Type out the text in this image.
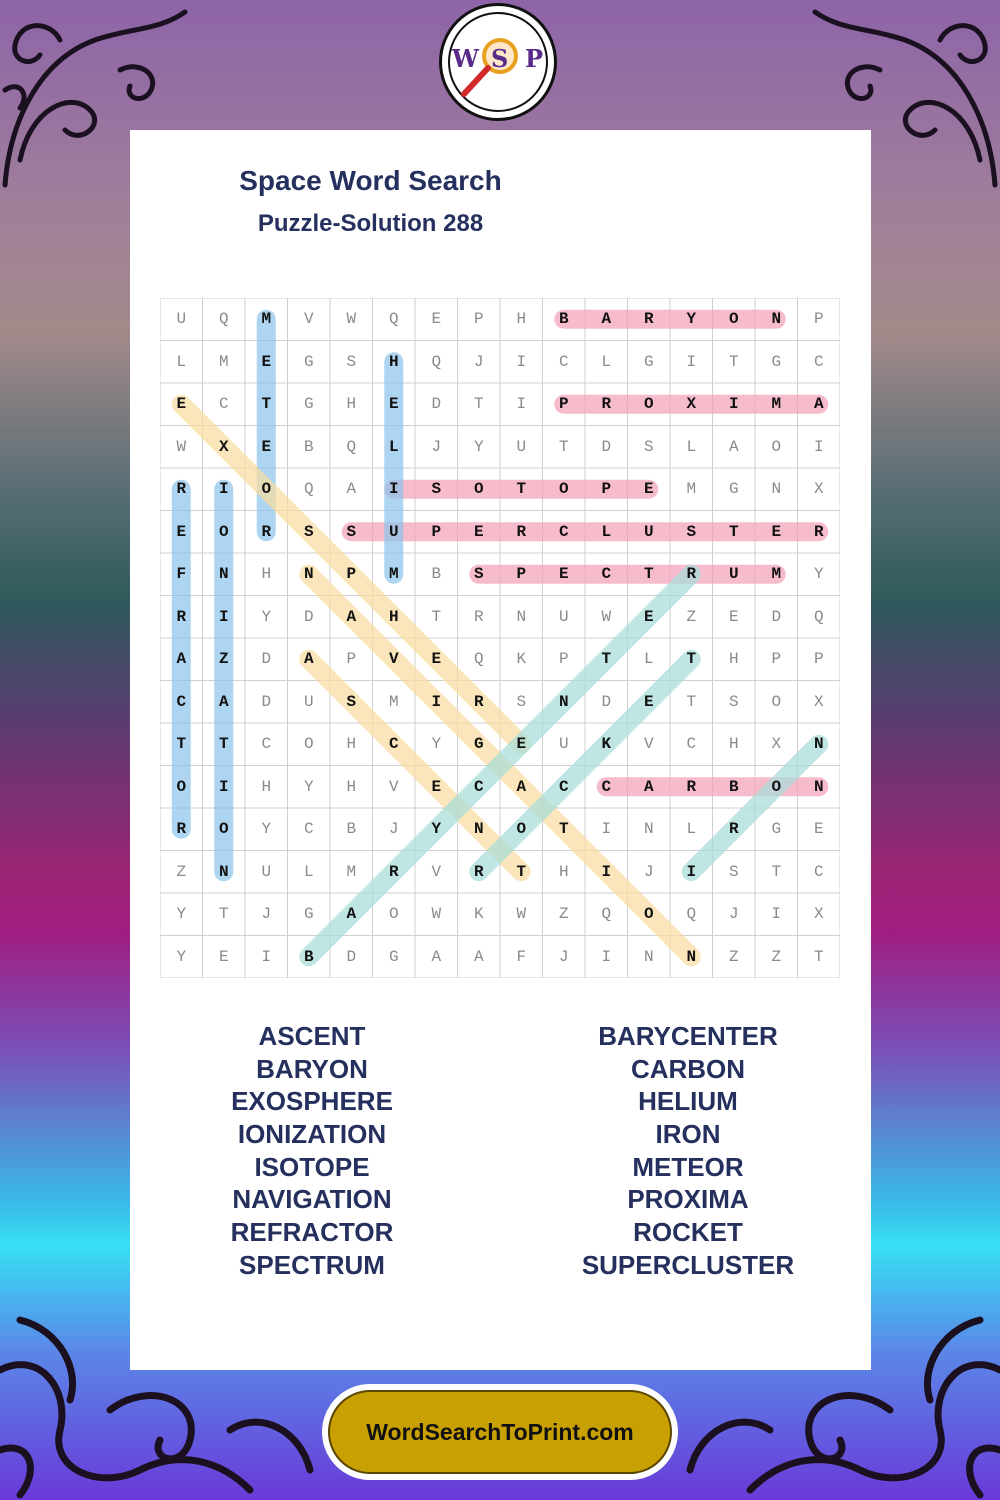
W S P
Space Word Search
Puzzle-Solution 288
U	Q	M	V	W	Q	E	P	H	B	A	R	Y	O	N	P
L	M	E	G	S	H	Q	J	I	C	L	G	I	T	G	C
E	C	T	G	H	E	D	T	I	P	R	O	X	I	M	A
W	X	E	B	Q	L	J	Y	U	T	D	S	L	A	O	I
R	I	O	Q	A	I	S	O	T	O	P	E	M	G	N	X
E	O	R	S	S	U	P	E	R	C	L	U	S	T	E	R
F	N	H	N	P	M	B	S	P	E	C	T	R	U	M	Y
R	I	Y	D	A	H	T	R	N	U	W	E	Z	E	D	Q
A	Z	D	A	P	V	E	Q	K	P	T	L	T	H	P	P
C	A	D	U	S	M	I	R	S	N	D	E	T	S	O	X
T	T	C	O	H	C	Y	G	E	U	K	V	C	H	X	N
O	I	H	Y	H	V	E	C	A	C	C	A	R	B	O	N
R	O	Y	C	B	J	Y	N	O	T	I	N	L	R	G	E
Z	N	U	L	M	R	V	R	T	H	I	J	I	S	T	C
Y	T	J	G	A	O	W	K	W	Z	Q	O	Q	J	I	X
Y	E	I	B	D	G	A	A	F	J	I	N	N	Z	Z	T
ASCENT
BARYON
EXOSPHERE
IONIZATION
ISOTOPE
NAVIGATION
REFRACTOR
SPECTRUM
BARYCENTER
CARBON
HELIUM
IRON
METEOR
PROXIMA
ROCKET
SUPERCLUSTER
WordSearchToPrint.com
